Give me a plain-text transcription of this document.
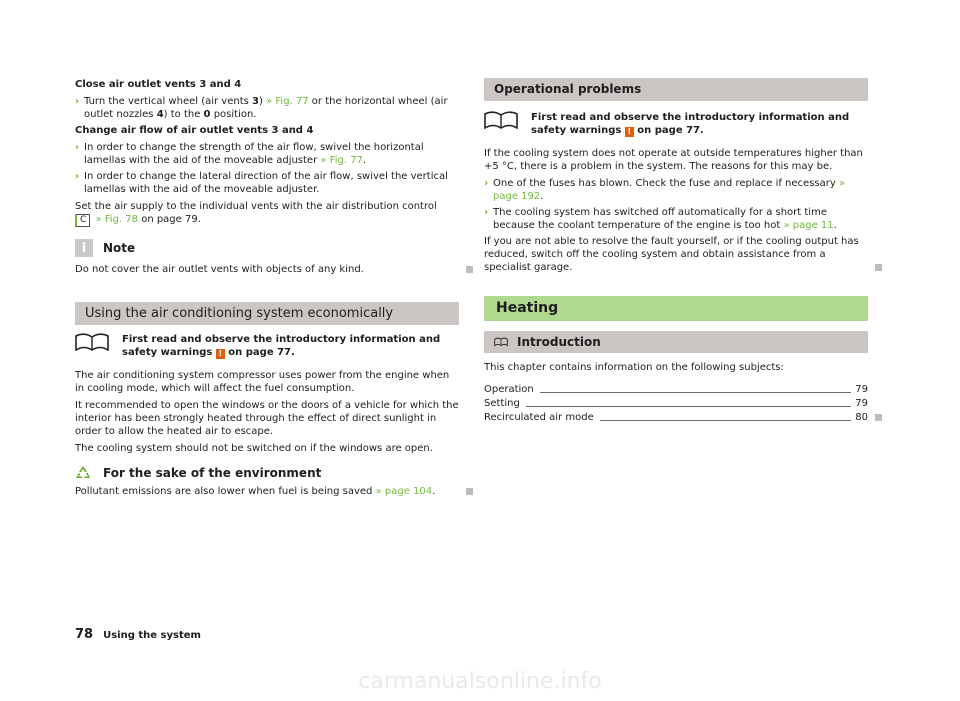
Close air outlet vents 3 and 4

› Turn the vertical wheel (air vents 3) » Fig. 77 or the horizontal wheel (air outlet nozzles 4) to the 0 position.

Change air flow of air outlet vents 3 and 4

› In order to change the strength of the air flow, swivel the horizontal lamellas with the aid of the moveable adjuster » Fig. 77.
› In order to change the lateral direction of the air flow, swivel the vertical lamellas with the aid of the moveable adjuster.

Set the air supply to the individual vents with the air distribution control
C » Fig. 78 on page 79.

i	Note

Do not cover the air outlet vents with objects of any kind.

Using the air conditioning system economically
First read and observe the introductory information and safety warnings ! on page 77.

The air conditioning system compressor uses power from the engine when in cooling mode, which will affect the fuel consumption.

It recommended to open the windows or the doors of a vehicle for which the interior has been strongly heated through the effect of direct sunlight in order to allow the heated air to escape.

The cooling system should not be switched on if the windows are open.

For the sake of the environment

Pollutant emissions are also lower when fuel is being saved » page 104.

Operational problems
First read and observe the introductory information and safety warnings ! on page 77.

If the cooling system does not operate at outside temperatures higher than +5 °C, there is a problem in the system. The reasons for this may be.

› One of the fuses has blown. Check the fuse and replace if necessary » page 192.
› The cooling system has switched off automatically for a short time because the coolant temperature of the engine is too hot » page 11.

If you are not able to resolve the fault yourself, or if the cooling output has reduced, switch off the cooling system and obtain assistance from a specialist garage.

Heating
Introduction

This chapter contains information on the following subjects:

Operation	79
Setting	79
Recirculated air mode	80
78 Using the system
carmanualsonline.info
